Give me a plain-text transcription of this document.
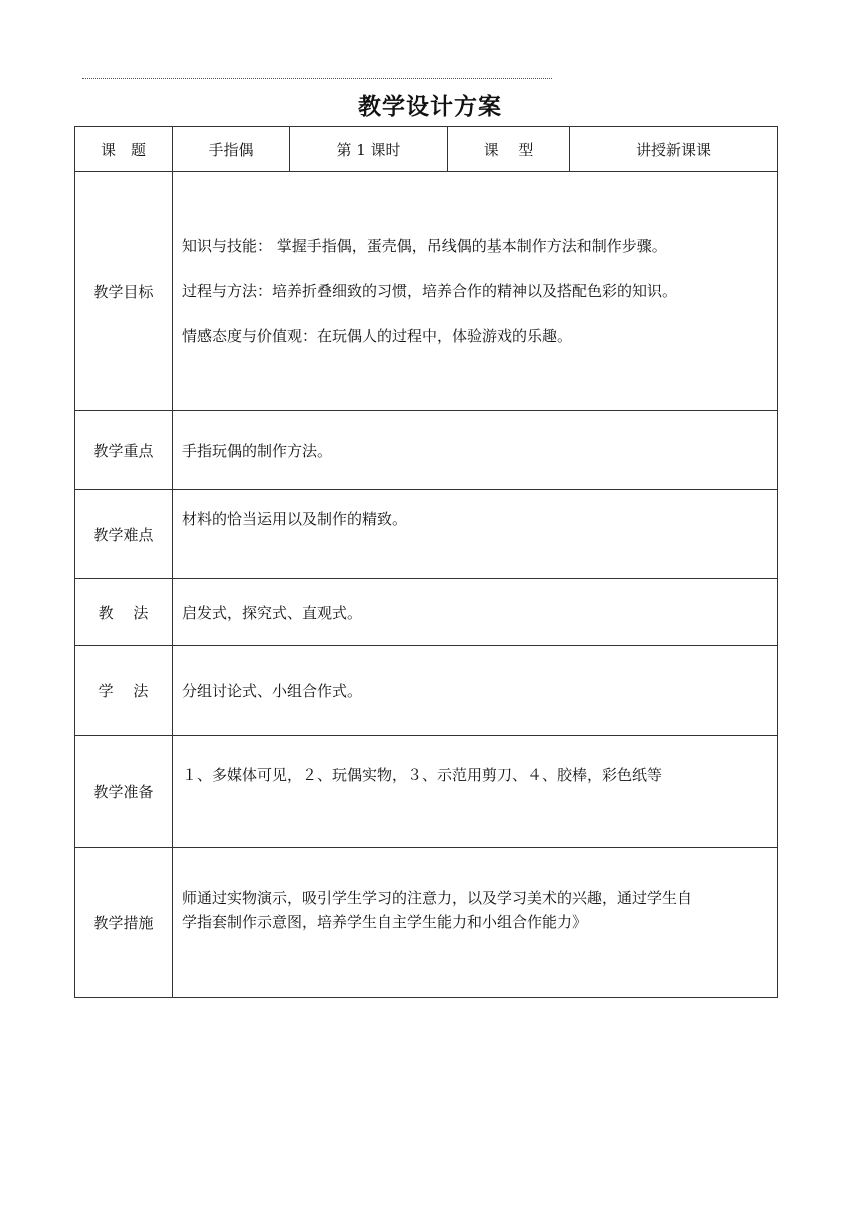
教学设计方案
课　题	手指偶	第 1 课时	课　 型	讲授新课课
教学目标	知识与技能： 掌握手指偶，蛋壳偶，吊线偶的基本制作方法和制作步骤。

过程与方法：培养折叠细致的习惯，培养合作的精神以及搭配色彩的知识。

情感态度与价值观：在玩偶人的过程中，体验游戏的乐趣。			

教学重点	手指玩偶的制作方法。			
教学难点	材料的恰当运用以及制作的精致。			
教　 法	启发式，探究式、直观式。			
学　 法	分组讨论式、小组合作式。			
教学准备	１、多媒体可见，２、玩偶实物，３、示范用剪刀、４、胶棒，彩色纸等			
教学措施	师通过实物演示，吸引学生学习的注意力，以及学习美术的兴趣，通过学生自

学指套制作示意图，培养学生自主学生能力和小组合作能力》			
